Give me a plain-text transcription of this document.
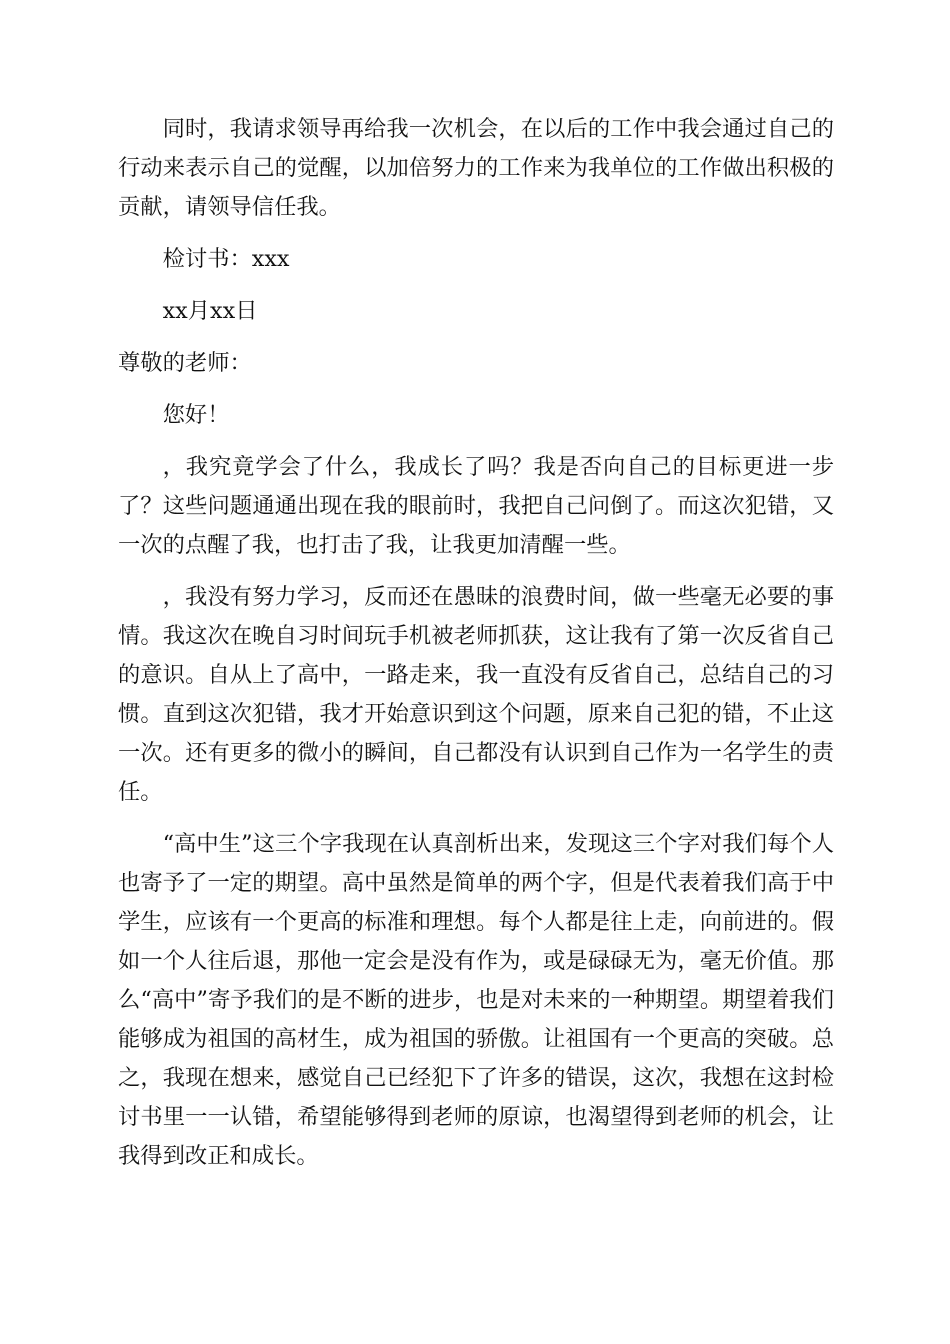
同时，我请求领导再给我一次机会，在以后的工作中我会通过自己的行动来表示自己的觉醒，以加倍努力的工作来为我单位的工作做出积极的贡献，请领导信任我。

检讨书：xxx

xx月xx日

尊敬的老师：

您好！

，我究竟学会了什么，我成长了吗？我是否向自己的目标更进一步了？这些问题通通出现在我的眼前时，我把自己问倒了。而这次犯错，又一次的点醒了我，也打击了我，让我更加清醒一些。

，我没有努力学习，反而还在愚昧的浪费时间，做一些毫无必要的事情。我这次在晚自习时间玩手机被老师抓获，这让我有了第一次反省自己的意识。自从上了高中，一路走来，我一直没有反省自己，总结自己的习惯。直到这次犯错，我才开始意识到这个问题，原来自己犯的错，不止这一次。还有更多的微小的瞬间，自己都没有认识到自己作为一名学生的责任。

“高中生”这三个字我现在认真剖析出来，发现这三个字对我们每个人也寄予了一定的期望。高中虽然是简单的两个字，但是代表着我们高于中学生，应该有一个更高的标准和理想。每个人都是往上走，向前进的。假如一个人往后退，那他一定会是没有作为，或是碌碌无为，毫无价值。那么“高中”寄予我们的是不断的进步，也是对未来的一种期望。期望着我们能够成为祖国的高材生，成为祖国的骄傲。让祖国有一个更高的突破。总之，我现在想来，感觉自己已经犯下了许多的错误，这次，我想在这封检讨书里一一认错，希望能够得到老师的原谅，也渴望得到老师的机会，让我得到改正和成长。
